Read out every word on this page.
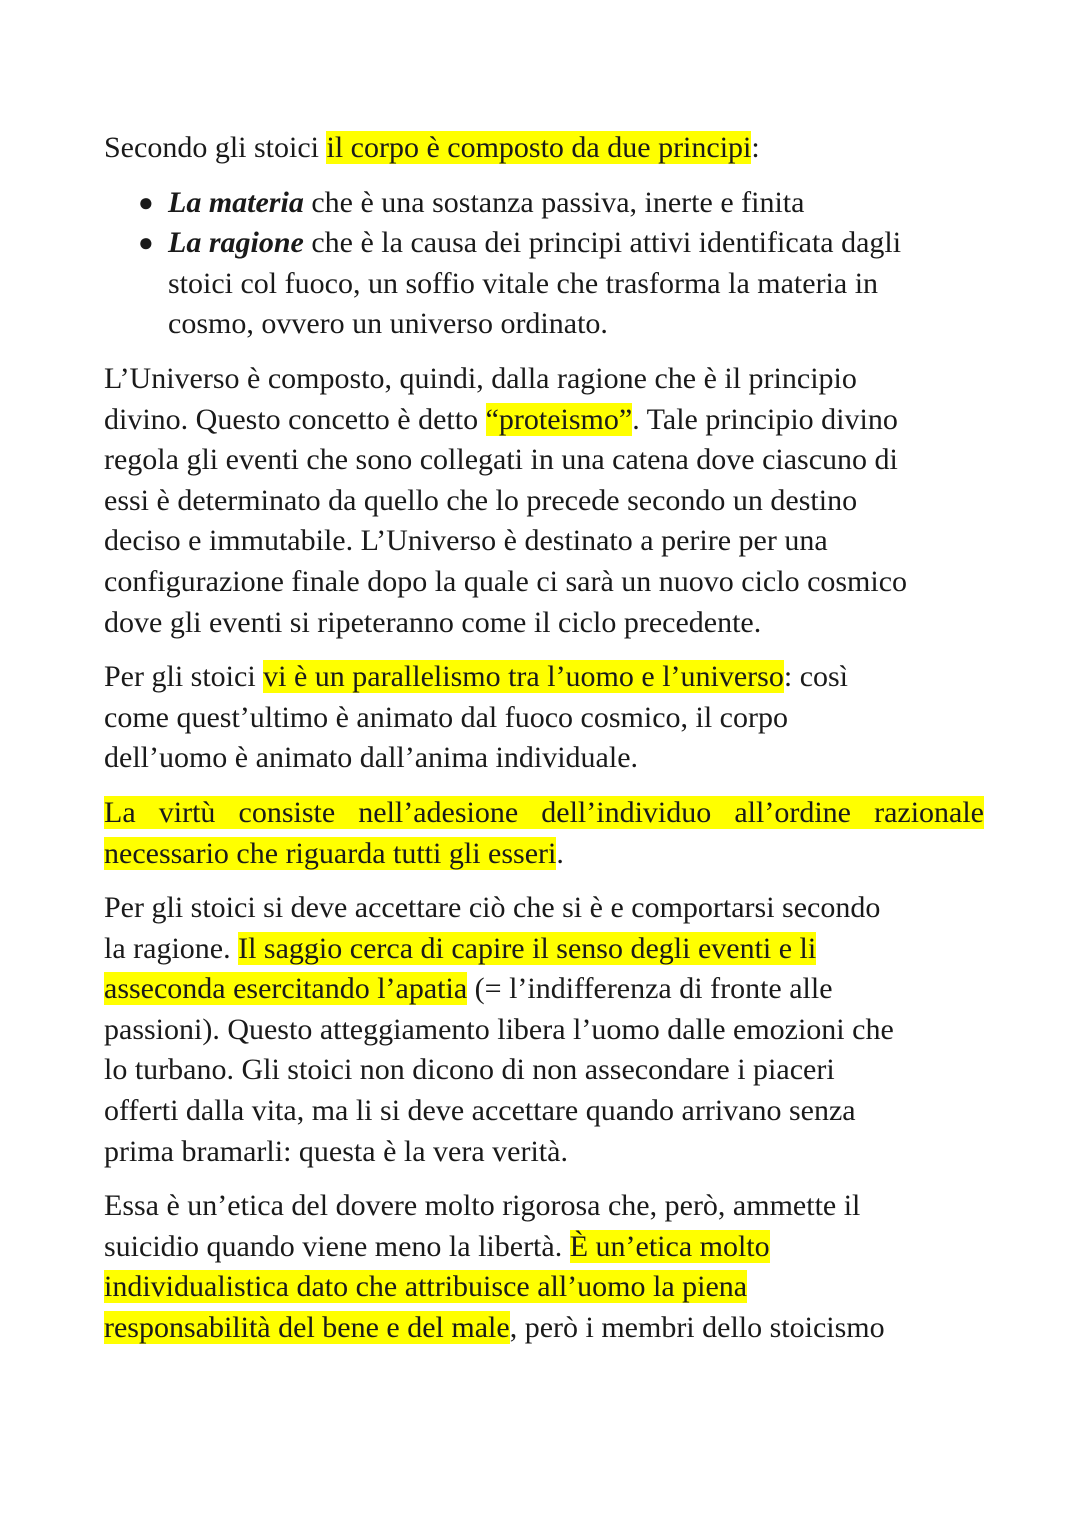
Secondo gli stoici il corpo è composto da due principi:

● La materia che è una sostanza passiva, inerte e finita
● La ragione che è la causa dei principi attivi identificata dagli
stoici col fuoco, un soffio vitale che trasforma la materia in
cosmo, ovvero un universo ordinato.

L’Universo è composto, quindi, dalla ragione che è il principio
divino. Questo concetto è detto “proteismo”. Tale principio divino
regola gli eventi che sono collegati in una catena dove ciascuno di
essi è determinato da quello che lo precede secondo un destino
deciso e immutabile. L’Universo è destinato a perire per una
configurazione finale dopo la quale ci sarà un nuovo ciclo cosmico
dove gli eventi si ripeteranno come il ciclo precedente.

Per gli stoici vi è un parallelismo tra l’uomo e l’universo: così
come quest’ultimo è animato dal fuoco cosmico, il corpo
dell’uomo è animato dall’anima individuale.

La virtù consiste nell’adesione dell’individuo all’ordine razionale
necessario che riguarda tutti gli esseri.

Per gli stoici si deve accettare ciò che si è e comportarsi secondo
la ragione. Il saggio cerca di capire il senso degli eventi e li
asseconda esercitando l’apatia (= l’indifferenza di fronte alle
passioni). Questo atteggiamento libera l’uomo dalle emozioni che
lo turbano. Gli stoici non dicono di non assecondare i piaceri
offerti dalla vita, ma li si deve accettare quando arrivano senza
prima bramarli: questa è la vera verità.

Essa è un’etica del dovere molto rigorosa che, però, ammette il
suicidio quando viene meno la libertà. È un’etica molto
individualistica dato che attribuisce all’uomo la piena
responsabilità del bene e del male, però i membri dello stoicismo
